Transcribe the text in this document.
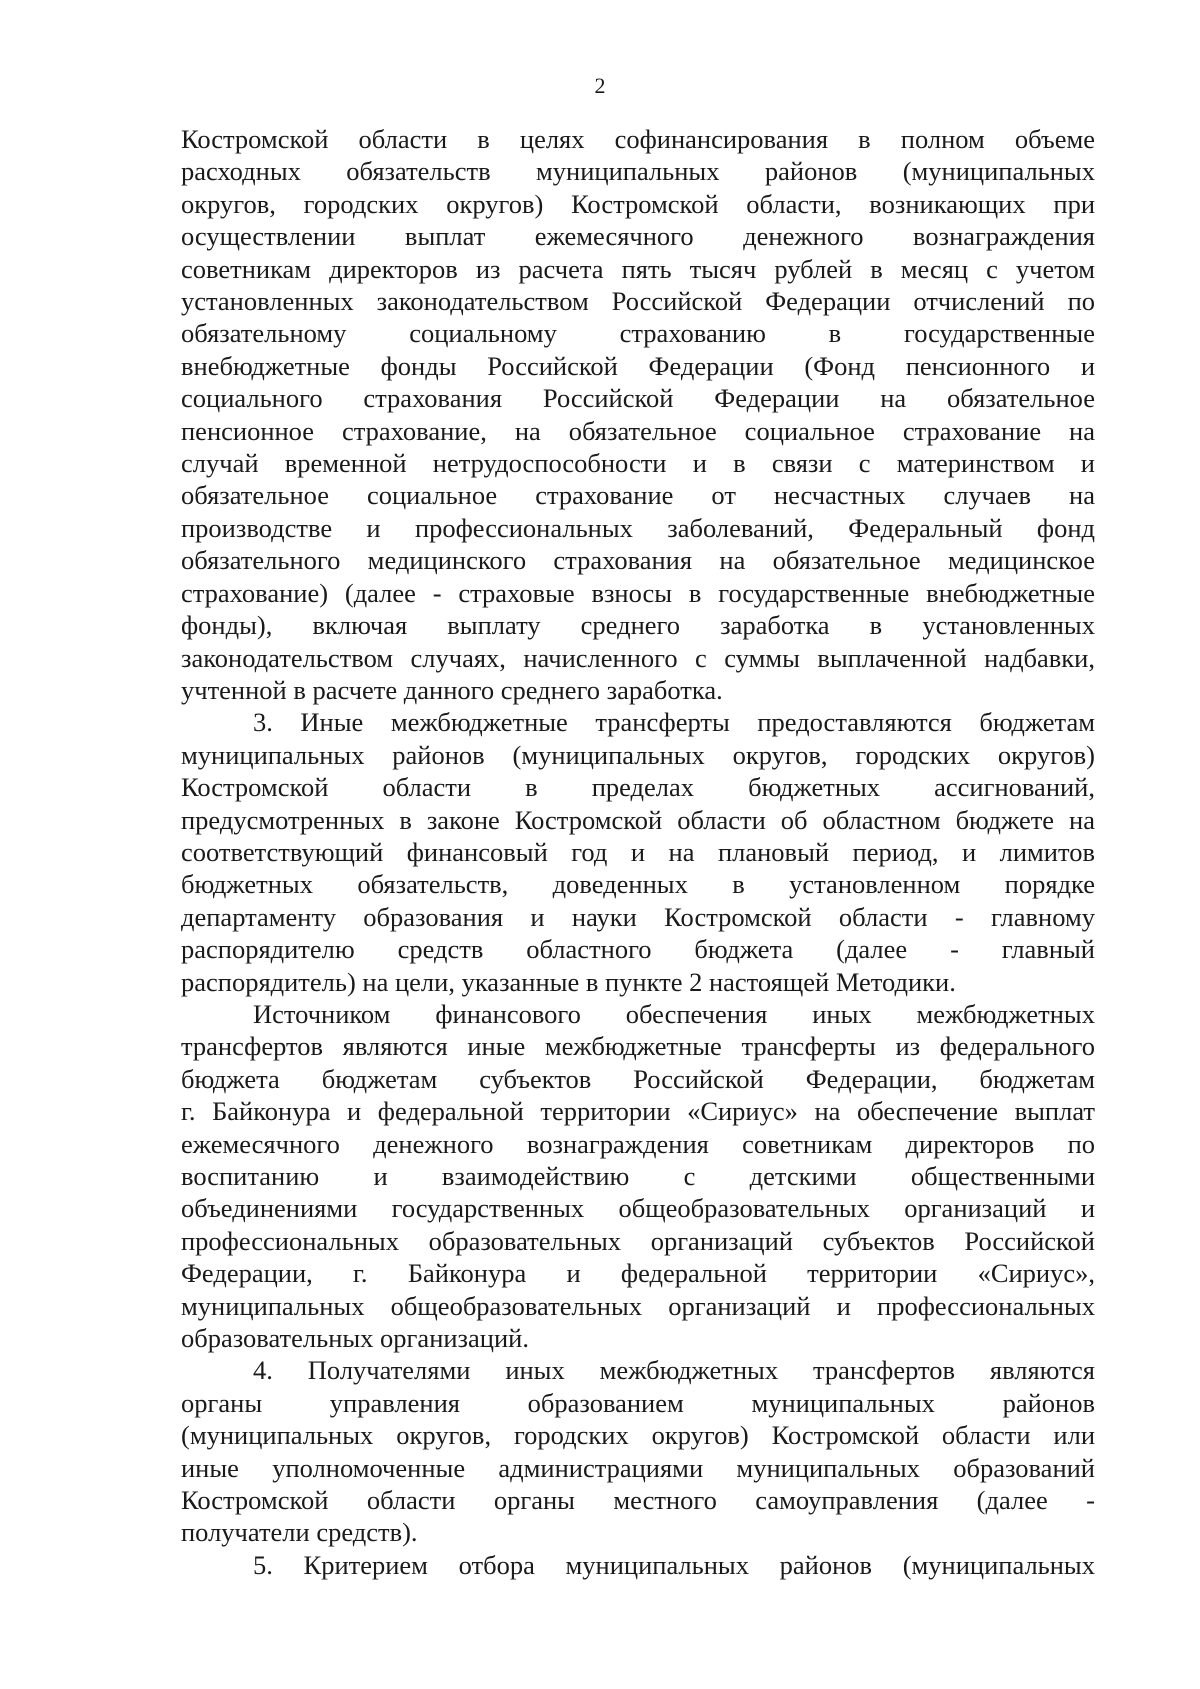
2
Костромской области в целях софинансирования в полном объеме
расходных обязательств муниципальных районов (муниципальных
округов, городских округов) Костромской области, возникающих при
осуществлении выплат ежемесячного денежного вознаграждения
советникам директоров из расчета пять тысяч рублей в месяц с учетом
установленных законодательством Российской Федерации отчислений по
обязательному социальному страхованию в государственные
внебюджетные фонды Российской Федерации (Фонд пенсионного и
социального страхования Российской Федерации на обязательное
пенсионное страхование, на обязательное социальное страхование на
случай временной нетрудоспособности и в связи с материнством и
обязательное социальное страхование от несчастных случаев на
производстве и профессиональных заболеваний, Федеральный фонд
обязательного медицинского страхования на обязательное медицинское
страхование) (далее - страховые взносы в государственные внебюджетные
фонды), включая выплату среднего заработка в установленных
законодательством случаях, начисленного с суммы выплаченной надбавки,
учтенной в расчете данного среднего заработка.
3. Иные межбюджетные трансферты предоставляются бюджетам
муниципальных районов (муниципальных округов, городских округов)
Костромской области в пределах бюджетных ассигнований,
предусмотренных в законе Костромской области об областном бюджете на
соответствующий финансовый год и на плановый период, и лимитов
бюджетных обязательств, доведенных в установленном порядке
департаменту образования и науки Костромской области - главному
распорядителю средств областного бюджета (далее - главный
распорядитель) на цели, указанные в пункте 2 настоящей Методики.
Источником финансового обеспечения иных межбюджетных
трансфертов являются иные межбюджетные трансферты из федерального
бюджета бюджетам субъектов Российской Федерации, бюджетам
г. Байконура и федеральной территории «Сириус» на обеспечение выплат
ежемесячного денежного вознаграждения советникам директоров по
воспитанию и взаимодействию с детскими общественными
объединениями государственных общеобразовательных организаций и
профессиональных образовательных организаций субъектов Российской
Федерации, г. Байконура и федеральной территории «Сириус»,
муниципальных общеобразовательных организаций и профессиональных
образовательных организаций.
4. Получателями иных межбюджетных трансфертов являются
органы управления образованием муниципальных районов
(муниципальных округов, городских округов) Костромской области или
иные уполномоченные администрациями муниципальных образований
Костромской области органы местного самоуправления (далее -
получатели средств).
5. Критерием отбора муниципальных районов (муниципальных
